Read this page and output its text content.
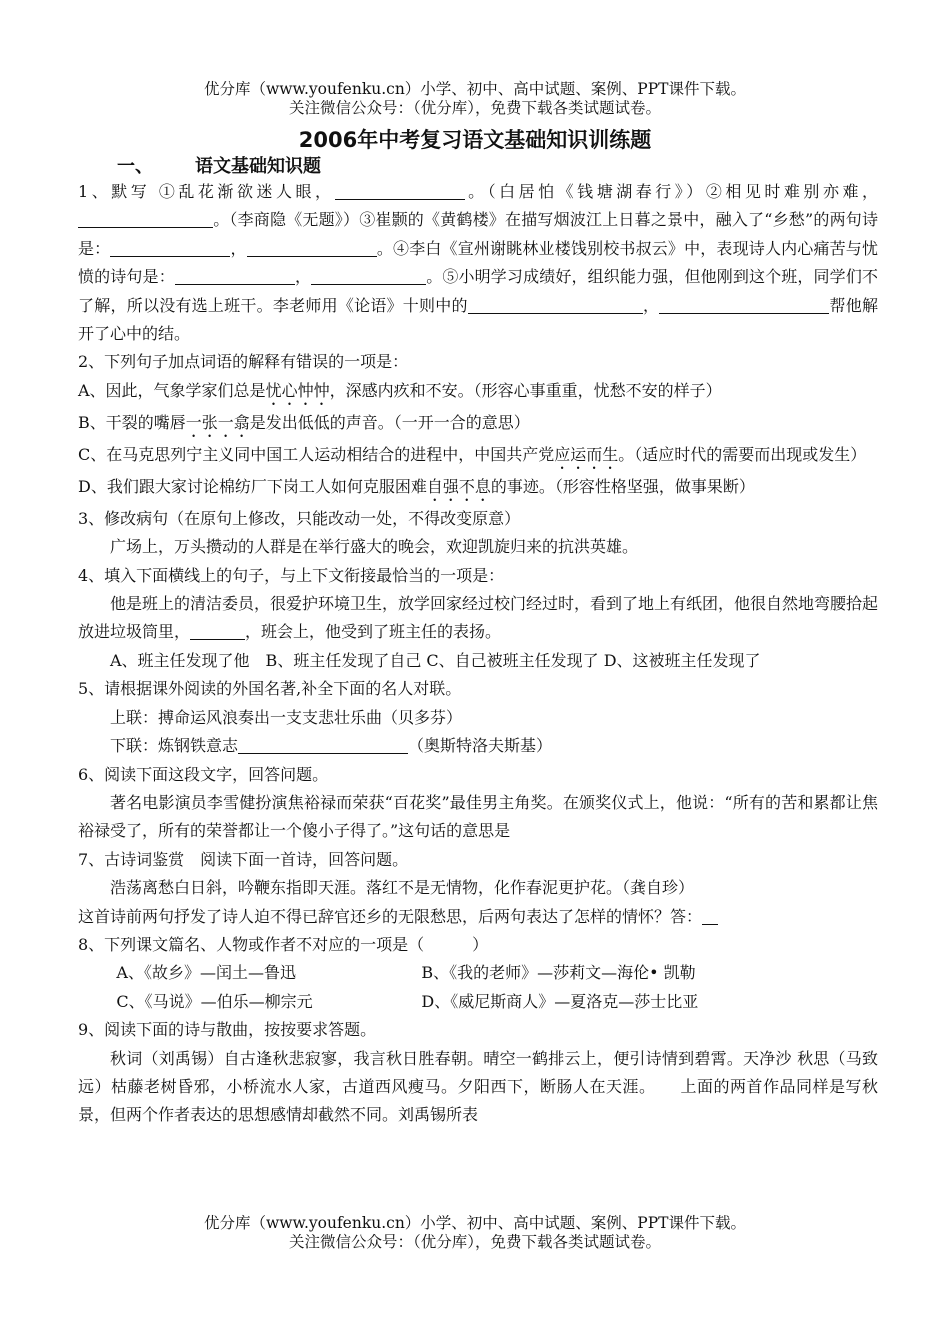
优分库（www.youfenku.cn）小学、初中、高中试题、案例、PPT课件下载。
关注微信公众号：（优分库），免费下载各类试题试卷。
2006年中考复习语文基础知识训练题
一、 语文基础知识题

1、默写 ①乱花渐欲迷人眼，	。（白居怕《钱塘湖春行》）②相见时难别亦难，。（李商隐《无题》）③崔颢的《黄鹤楼》在描写烟波江上日暮之景中，融入了“乡愁”的两句诗是：	，	。④李白《宣州谢眺林业楼饯别校书叔云》中，表现诗人内心痛苦与忧愤的诗句是：	，	。⑤小明学习成绩好，组织能力强，但他刚到这个班，同学们不了解，所以没有选上班干。李老师用《论语》十则中的	，	帮他解开了心中的结。

2、下列句子加点词语的解释有错误的一项是：

A、因此，气象学家们总是忧心忡忡，深感内疚和不安。（形容心事重重，忧愁不安的样子）

B、干裂的嘴唇一张一翕是发出低低的声音。（一开一合的意思）

C、在马克思列宁主义同中国工人运动相结合的进程中，中国共产党应运而生。（适应时代的需要而出现或发生）

D、我们跟大家讨论棉纺厂下岗工人如何克服困难自强不息的事迹。（形容性格坚强，做事果断）

3、修改病句（在原句上修改，只能改动一处，不得改变原意）

广场上，万头攒动的人群是在举行盛大的晚会，欢迎凯旋归来的抗洪英雄。

4、填入下面横线上的句子，与上下文衔接最恰当的一项是：

他是班上的清洁委员，很爱护环境卫生，放学回家经过校门经过时，看到了地上有纸团，他很自然地弯腰拾起放进垃圾筒里，	，班会上，他受到了班主任的表扬。

A、班主任发现了他　B、班主任发现了自己 C、自己被班主任发现了 D、这被班主任发现了

5、请根据课外阅读的外国名著,补全下面的名人对联。

上联：搏命运风浪奏出一支支悲壮乐曲（贝多芬）

下联：炼钢铁意志	（奥斯特洛夫斯基）

6、阅读下面这段文字，回答问题。

著名电影演员李雪健扮演焦裕禄而荣获“百花奖”最佳男主角奖。在颁奖仪式上，他说：“所有的苦和累都让焦裕禄受了，所有的荣誉都让一个傻小子得了。”这句话的意思是

7、古诗词鉴赏　阅读下面一首诗，回答问题。

浩荡离愁白日斜，吟鞭东指即天涯。落红不是无情物，化作春泥更护花。（龚自珍）

这首诗前两句抒发了诗人迫不得已辞官还乡的无限愁思，后两句表达了怎样的情怀？答：

8、下列课文篇名、人物或作者不对应的一项是（　　　）

A、《故乡》—闰土—鲁迅	B、《我的老师》—莎莉文—海伦• 凯勒
C、《马说》—伯乐—柳宗元	D、《威尼斯商人》—夏洛克—莎士比亚

9、阅读下面的诗与散曲，按按要求答题。

秋词（刘禹锡）自古逢秋悲寂寥，我言秋日胜春朝。晴空一鹤排云上，便引诗情到碧霄。天净沙 秋思（马致远）枯藤老树昏邪，小桥流水人家，古道西风瘦马。夕阳西下，断肠人在天涯。　　上面的两首作品同样是写秋景，但两个作者表达的思想感情却截然不同。刘禹锡所表

优分库（www.youfenku.cn）小学、初中、高中试题、案例、PPT课件下载。
关注微信公众号：（优分库），免费下载各类试题试卷。
